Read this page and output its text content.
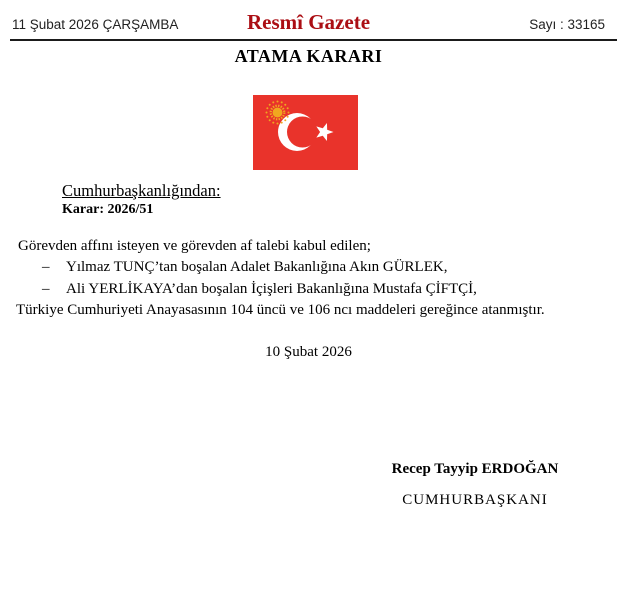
11 Şubat 2026 ÇARŞAMBA	Resmî Gazete	Sayı : 33165
ATAMA KARARI
Cumhurbaşkanlığından:
Karar: 2026/51
Görevden affını isteyen ve görevden af talebi kabul edilen;
– Yılmaz TUNÇ’tan boşalan Adalet Bakanlığına Akın GÜRLEK,
– Ali YERLİKAYA’dan boşalan İçişleri Bakanlığına Mustafa ÇİFTÇİ,
Türkiye Cumhuriyeti Anayasasının 104 üncü ve 106 ncı maddeleri gereğince atanmıştır.
10 Şubat 2026
Recep Tayyip ERDOĞAN
CUMHURBAŞKANI
